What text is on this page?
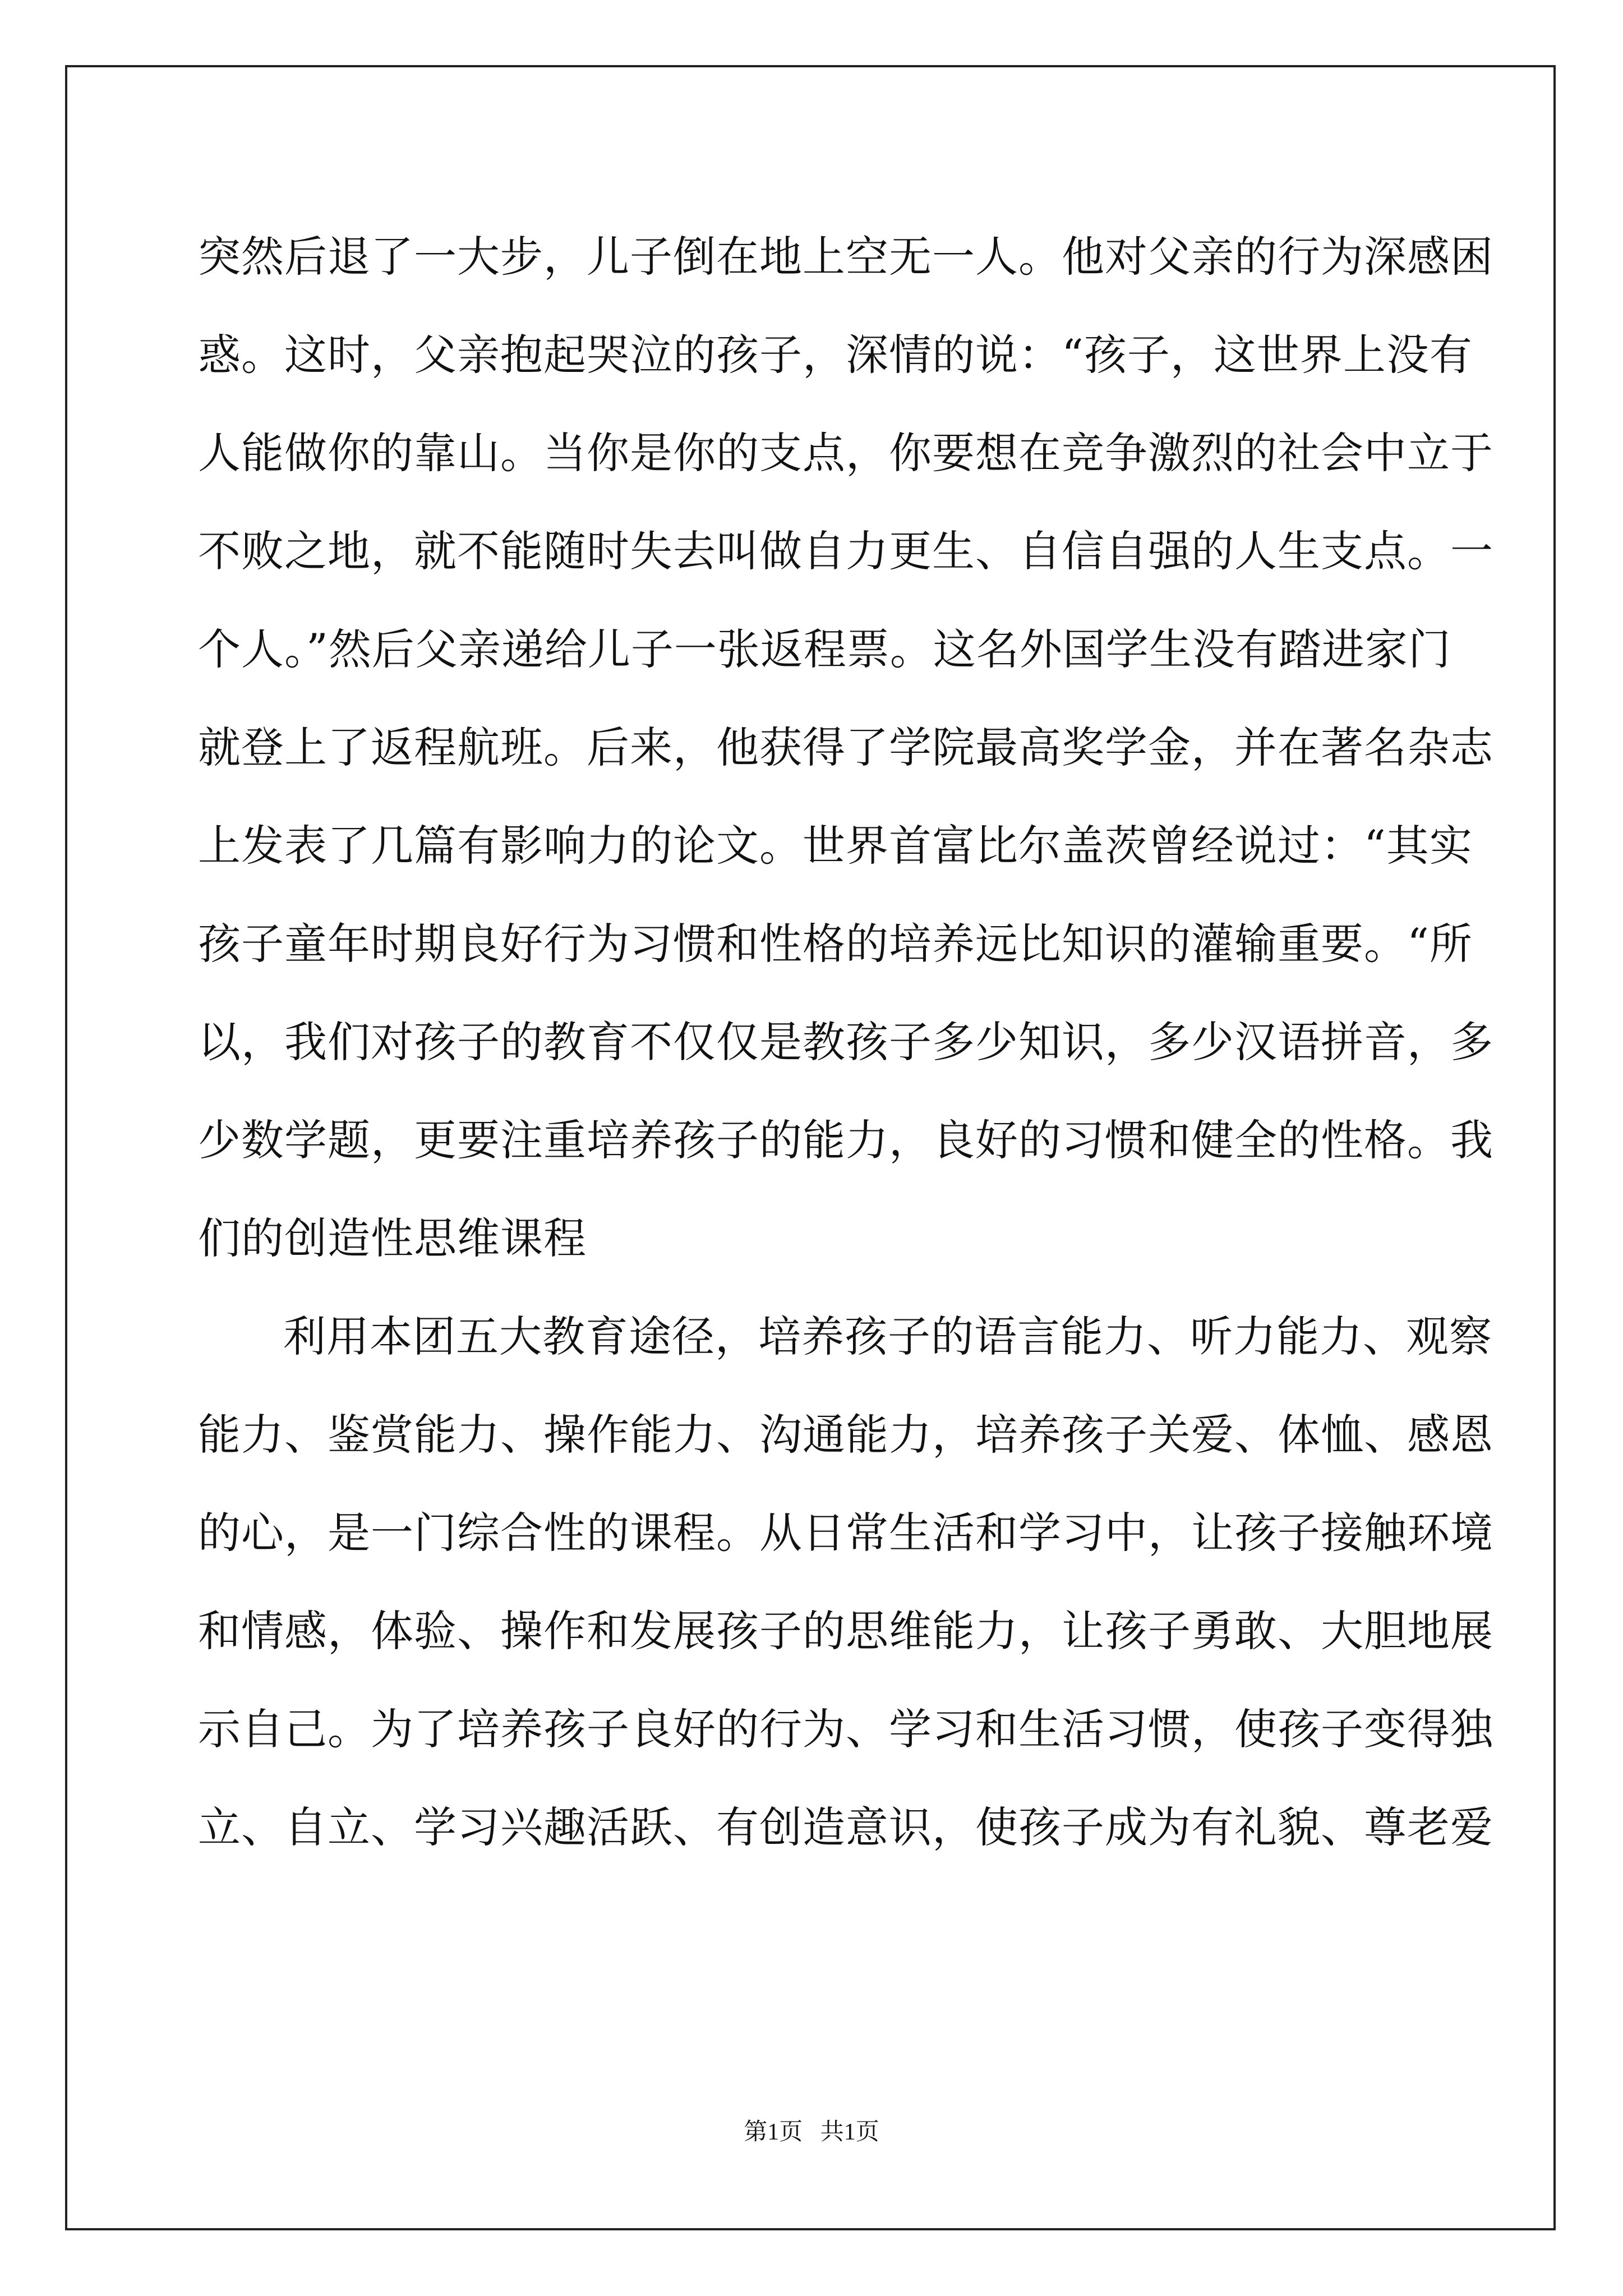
突然后退了一大步，儿子倒在地上空无一人。他对父亲的行为深感困
惑。这时，父亲抱起哭泣的孩子，深情的说：“孩子，这世界上没有
人能做你的靠山。当你是你的支点，你要想在竞争激烈的社会中立于
不败之地，就不能随时失去叫做自力更生、自信自强的人生支点。一
个人。”然后父亲递给儿子一张返程票。这名外国学生没有踏进家门
就登上了返程航班。后来，他获得了学院最高奖学金，并在著名杂志
上发表了几篇有影响力的论文。世界首富比尔盖茨曾经说过：“其实
孩子童年时期良好行为习惯和性格的培养远比知识的灌输重要。“所
以，我们对孩子的教育不仅仅是教孩子多少知识，多少汉语拼音，多
少数学题，更要注重培养孩子的能力，良好的习惯和健全的性格。我
们的创造性思维课程
利用本团五大教育途径，培养孩子的语言能力、听力能力、观察
能力、鉴赏能力、操作能力、沟通能力，培养孩子关爱、体恤、感恩
的心，是一门综合性的课程。从日常生活和学习中，让孩子接触环境
和情感，体验、操作和发展孩子的思维能力，让孩子勇敢、大胆地展
示自己。为了培养孩子良好的行为、学习和生活习惯，使孩子变得独
立、自立、学习兴趣活跃、有创造意识，使孩子成为有礼貌、尊老爱
第1页   共1页
